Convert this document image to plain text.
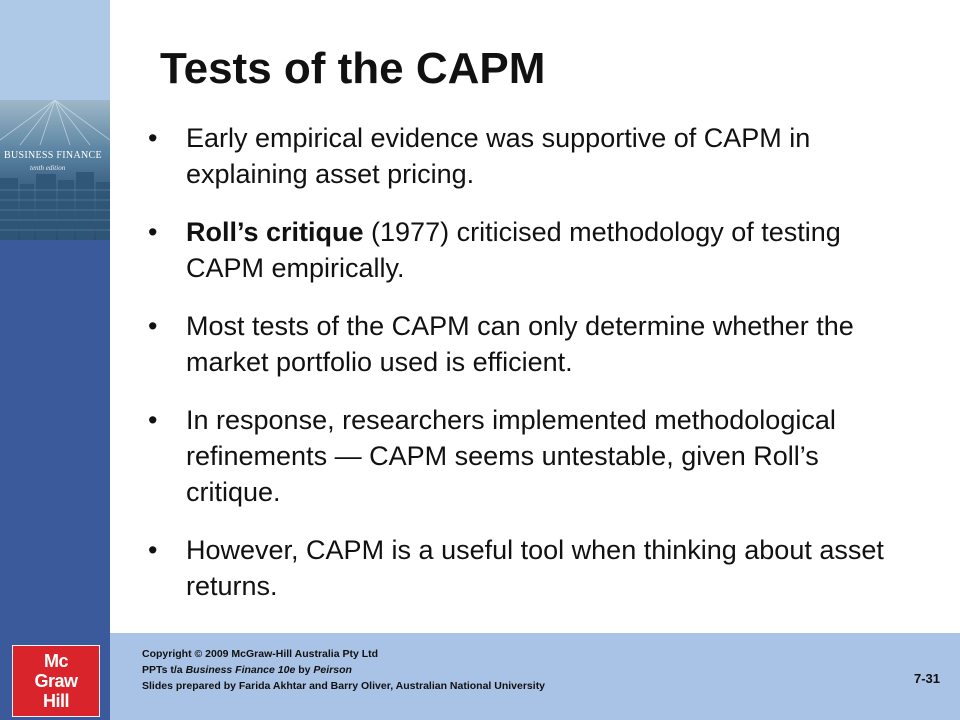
BUSINESS FINANCE
tenth edition
Tests of the CAPM
• Early empirical evidence was supportive of CAPM in explaining asset pricing.
• Roll’s critique (1977) criticised methodology of testing CAPM empirically.
• Most tests of the CAPM can only determine whether the market portfolio used is efficient.
• In response, researchers implemented methodological refinements — CAPM seems untestable, given Roll’s critique.
• However, CAPM is a useful tool when thinking about asset returns.
Mc
Graw
Hill
Copyright © 2009 McGraw-Hill Australia Pty Ltd
PPTs t/a Business Finance 10e by Peirson
Slides prepared by Farida Akhtar and Barry Oliver, Australian National University	7-31
